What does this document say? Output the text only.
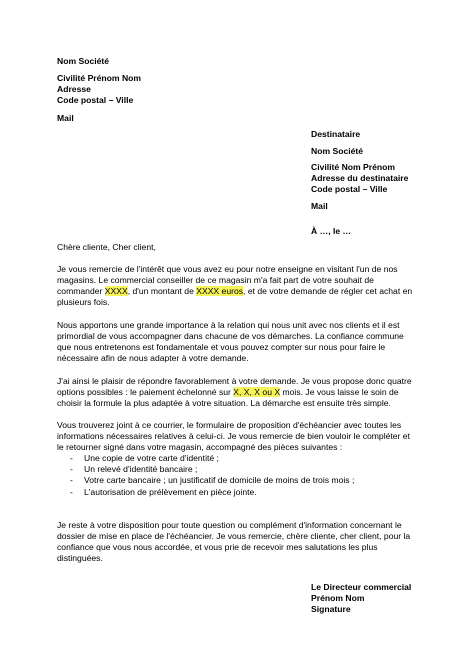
Nom Société
Civilité Prénom Nom
Adresse
Code postal – Ville
Mail
Destinataire
Nom Société
Civilité Nom Prénom
Adresse du destinataire
Code postal – Ville
Mail
À …, le …
Chère cliente, Cher client,

Je vous remercie de l'intérêt que vous avez eu pour notre enseigne en visitant l'un de nos magasins. Le commercial conseiller de ce magasin m'a fait part de votre souhait de commander XXXX, d'un montant de XXXX euros, et de votre demande de régler cet achat en plusieurs fois.

Nous apportons une grande importance à la relation qui nous unit avec nos clients et il est primordial de vous accompagner dans chacune de vos démarches. La confiance commune que nous entretenons est fondamentale et vous pouvez compter sur nous pour faire le nécessaire afin de nous adapter à votre demande.

J'ai ainsi le plaisir de répondre favorablement à votre demande. Je vous propose donc quatre options possibles : le paiement échelonné sur X, X, X ou X mois. Je vous laisse le soin de choisir la formule la plus adaptée à votre situation. La démarche est ensuite très simple.

Vous trouverez joint à ce courrier, le formulaire de proposition d'échéancier avec toutes les informations nécessaires relatives à celui-ci. Je vous remercie de bien vouloir le compléter et le retourner signé dans votre magasin, accompagné des pièces suivantes :

- Une copie de votre carte d'identité ;
- Un relevé d'identité bancaire ;
- Votre carte bancaire ; un justificatif de domicile de moins de trois mois ;
- L'autorisation de prélèvement en pièce jointe.

Je reste à votre disposition pour toute question ou complément d'information concernant le dossier de mise en place de l'échéancier. Je vous remercie, chère cliente, cher client, pour la confiance que vous nous accordée, et vous prie de recevoir mes salutations les plus distinguées.

Le Directeur commercial
Prénom Nom
Signature
